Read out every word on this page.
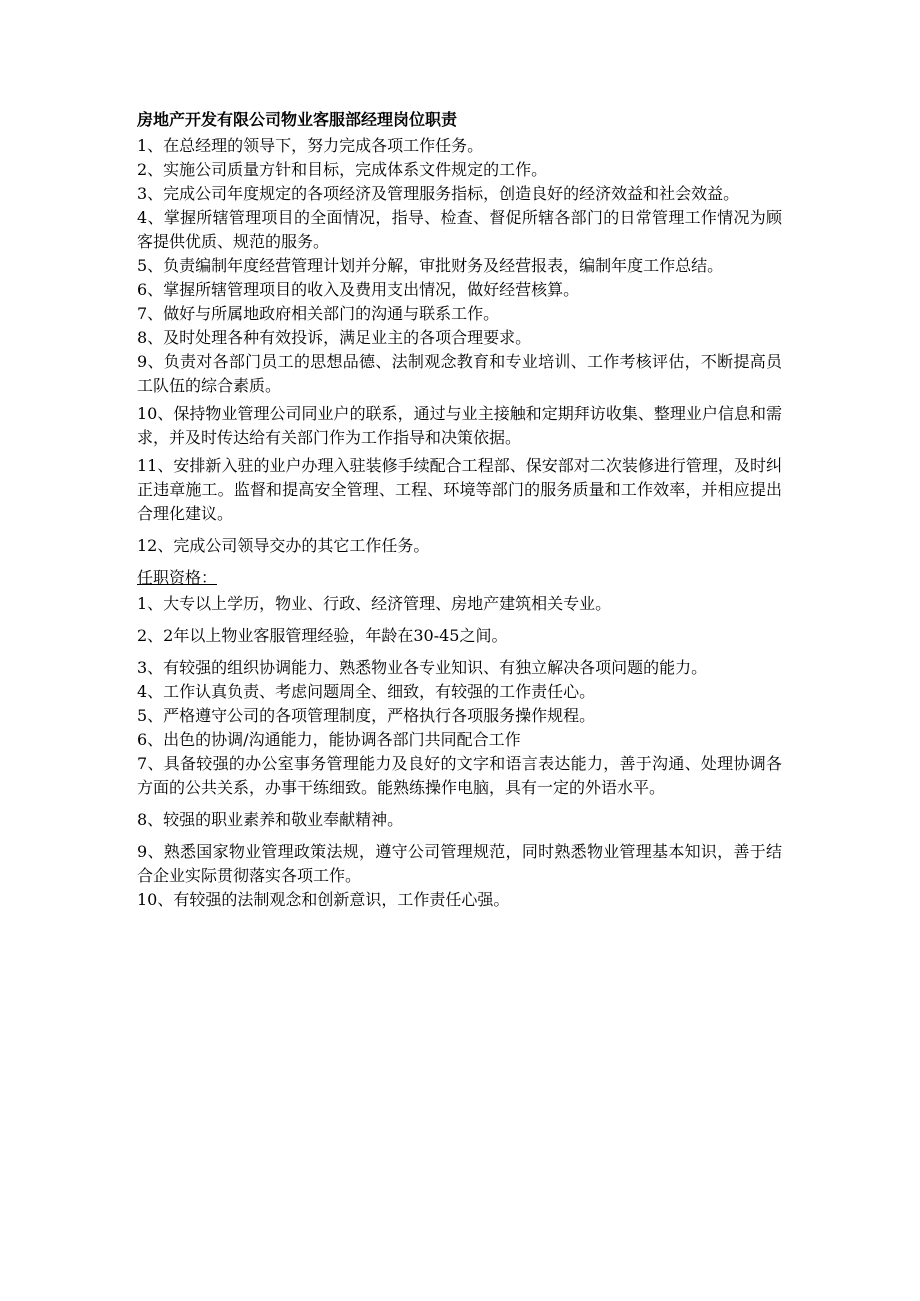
房地产开发有限公司物业客服部经理岗位职责

1、在总经理的领导下，努力完成各项工作任务。

2、实施公司质量方针和目标，完成体系文件规定的工作。

3、完成公司年度规定的各项经济及管理服务指标，创造良好的经济效益和社会效益。

4、掌握所辖管理项目的全面情况，指导、检查、督促所辖各部门的日常管理工作情况为顾客提供优质、规范的服务。

5、负责编制年度经营管理计划并分解，审批财务及经营报表，编制年度工作总结。

6、掌握所辖管理项目的收入及费用支出情况，做好经营核算。

7、做好与所属地政府相关部门的沟通与联系工作。

8、及时处理各种有效投诉，满足业主的各项合理要求。

9、负责对各部门员工的思想品德、法制观念教育和专业培训、工作考核评估，不断提高员工队伍的综合素质。

10、保持物业管理公司同业户的联系，通过与业主接触和定期拜访收集、整理业户信息和需求，并及时传达给有关部门作为工作指导和决策依据。

11、安排新入驻的业户办理入驻装修手续配合工程部、保安部对二次装修进行管理，及时纠正违章施工。监督和提高安全管理、工程、环境等部门的服务质量和工作效率，并相应提出合理化建议。

12、完成公司领导交办的其它工作任务。

任职资格：

1、大专以上学历，物业、行政、经济管理、房地产建筑相关专业。

2、2年以上物业客服管理经验，年龄在30-45之间。

3、有较强的组织协调能力、熟悉物业各专业知识、有独立解决各项问题的能力。

4、工作认真负责、考虑问题周全、细致，有较强的工作责任心。

5、严格遵守公司的各项管理制度，严格执行各项服务操作规程。

6、出色的协调/沟通能力，能协调各部门共同配合工作

7、具备较强的办公室事务管理能力及良好的文字和语言表达能力，善于沟通、处理协调各方面的公共关系，办事干练细致。能熟练操作电脑，具有一定的外语水平。

8、较强的职业素养和敬业奉献精神。

9、熟悉国家物业管理政策法规，遵守公司管理规范，同时熟悉物业管理基本知识，善于结合企业实际贯彻落实各项工作。

10、有较强的法制观念和创新意识，工作责任心强。
